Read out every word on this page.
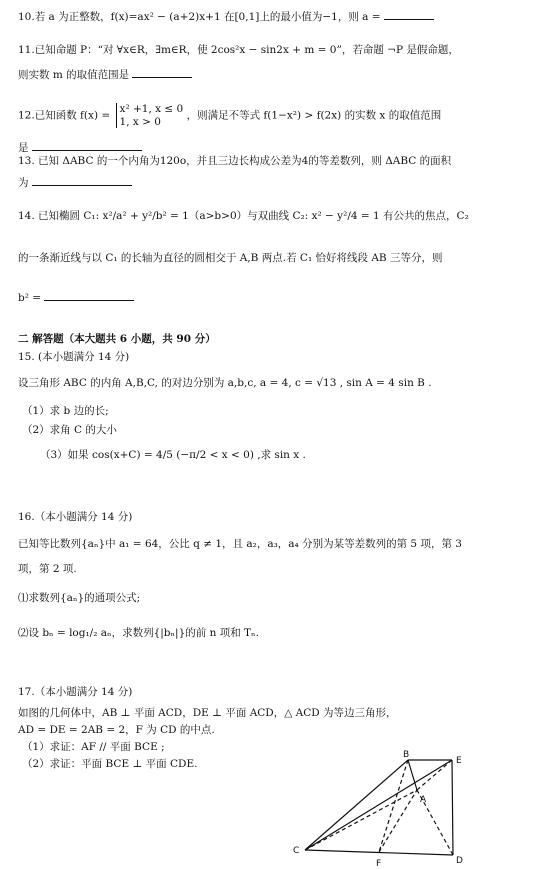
10.若 a 为正整数，f(x)=ax² − (a+2)x+1 在[0,1]上的最小值为−1，则 a =
11.已知命题 P：“对 ∀x∈R，∃m∈R，使 2cos²x − sin2x + m = 0”，若命题 ¬P 是假命题，
则实数 m 的取值范围是
12.已知函数 f(x) =
x² +1, x ≤ 0
1, x > 0	，则满足不等式 f(1−x²) > f(2x) 的实数 x 的取值范围
是
13. 已知 ΔABC 的一个内角为120o，并且三边长构成公差为4的等差数列，则 ΔABC 的面积
为
14. 已知椭圆 C₁: x²/a² + y²/b² = 1（a>b>0）与双曲线 C₂: x² − y²/4 = 1 有公共的焦点，C₂
的一条渐近线与以 C₁ 的长轴为直径的圆相交于 A,B 两点.若 C₁ 恰好将线段 AB 三等分，则
b² =
二 解答题（本大题共 6 小题，共 90 分）
15. (本小题满分 14 分)
设三角形 ABC 的内角 A,B,C, 的对边分别为 a,b,c, a = 4, c = √13 , sin A = 4 sin B .
（1）求 b 边的长;
（2）求角 C 的大小
（3）如果 cos(x+C) = 4/5 (−π/2 < x < 0) ,求 sin x .
16.（本小题满分 14 分)
已知等比数列{aₙ}中 a₁ = 64，公比 q ≠ 1，且 a₂，a₃，a₄ 分别为某等差数列的第 5 项，第 3
项，第 2 项.
⑴求数列{aₙ}的通项公式;
⑵设 bₙ = log₁/₂ aₙ，求数列{|bₙ|}的前 n 项和 Tₙ.
17.（本小题满分 14 分)
如图的几何体中，AB ⊥ 平面 ACD，DE ⊥ 平面 ACD，△ ACD 为等边三角形，
AD = DE = 2AB = 2，F 为 CD 的中点.
（1）求证：AF // 平面 BCE ;
（2）求证：平面 BCE ⊥ 平面 CDE.
B
E
A
C
F	D
